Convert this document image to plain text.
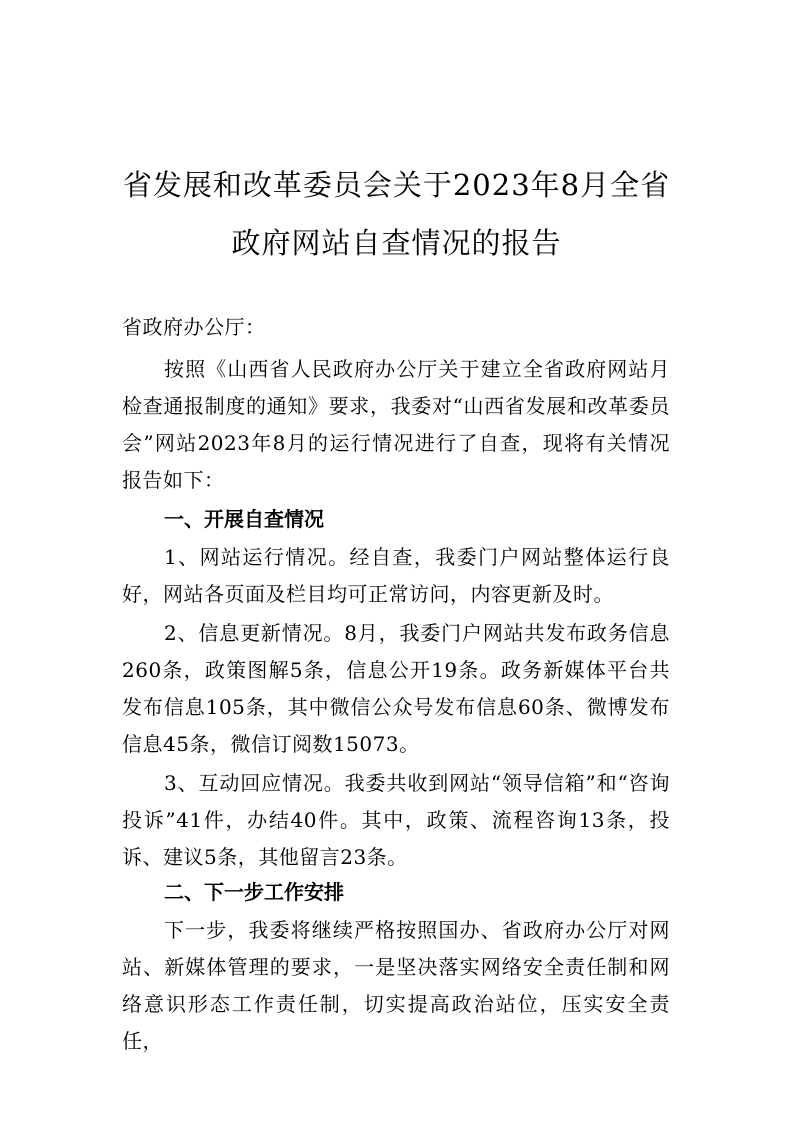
省发展和改革委员会关于2023年8月全省
政府网站自查情况的报告
省政府办公厅：
按照《山西省人民政府办公厅关于建立全省政府网站月检查通报制度的通知》要求，我委对“山西省发展和改革委员会”网站2023年8月的运行情况进行了自查，现将有关情况报告如下：
一、开展自查情况
1、网站运行情况。经自查，我委门户网站整体运行良好，网站各页面及栏目均可正常访问，内容更新及时。
2、信息更新情况。8月，我委门户网站共发布政务信息260条，政策图解5条，信息公开19条。政务新媒体平台共发布信息105条，其中微信公众号发布信息60条、微博发布信息45条，微信订阅数15073。
3、互动回应情况。我委共收到网站“领导信箱”和“咨询投诉”41件，办结40件。其中，政策、流程咨询13条，投诉、建议5条，其他留言23条。
二、下一步工作安排
下一步，我委将继续严格按照国办、省政府办公厅对网站、新媒体管理的要求，一是坚决落实网络安全责任制和网络意识形态工作责任制，切实提高政治站位，压实安全责任，
